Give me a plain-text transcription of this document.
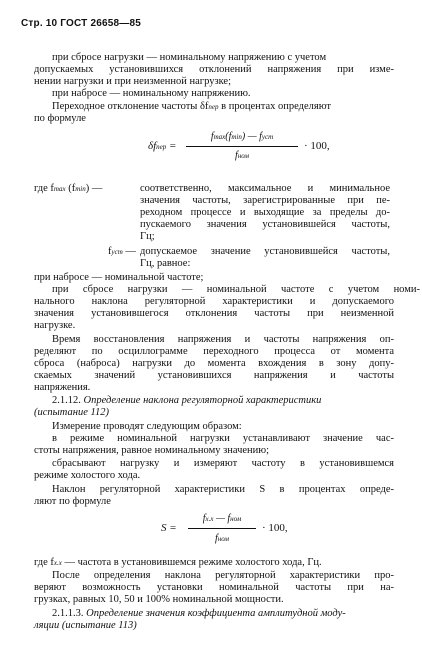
Стр. 10 ГОСТ 26658—85
при сбросе нагрузки — номинальному напряжению с учетом
допускаемых установившихся отклонений напряжения при изме-
нении нагрузки и при неизменной нагрузке;
при набросе — номинальному напряжению.
Переходное отклонение частоты δfпер в процентах определяют
по формуле
δfпер =
fmax(fmin) — fуст
fном
· 100,
где fmax (fmin) —	соответственно, максимальное и минимальное
значения частоты, зарегистрированные при пе-
реходном процессе и выходящие за пределы до-
пускаемого значения установившейся частоты,
Гц;
fуст — допускаемое значение установившейся частоты,
Гц, равное:
при набросе — номинальной частоте;
при сбросе нагрузки — номинальной частоте с учетом номи-
нального наклона регуляторной характеристики и допускаемого
значения установившегося отклонения частоты при неизменной
нагрузке.
Время восстановления напряжения и частоты напряжения оп-
ределяют по осциллограмме переходного процесса от момента
сброса (наброса) нагрузки до момента вхождения в зону допу-
скаемых значений установившихся напряжения и частоты
напряжения.
2.1.12. Определение наклона регуляторной характеристики
(испытание 112)
Измерение проводят следующим образом:
в режиме номинальной нагрузки устанавливают значение час-
стоты напряжения, равное номинальному значению;
сбрасывают нагрузку и измеряют частоту в установившемся
режиме холостого хода.
Наклон регуляторной характеристики S в процентах опреде-
ляют по формуле
S =
fх.х — fном
fном
· 100,
где fх.х — частота в установившемся режиме холостого хода, Гц.
После определения наклона регуляторной характеристики про-
веряют возможность установки номинальной частоты при на-
грузках, равных 10, 50 и 100% номинальной мощности.
2.1.1.3. Определение значения коэффициента амплитудной моду-
ляции (испытание 113)
